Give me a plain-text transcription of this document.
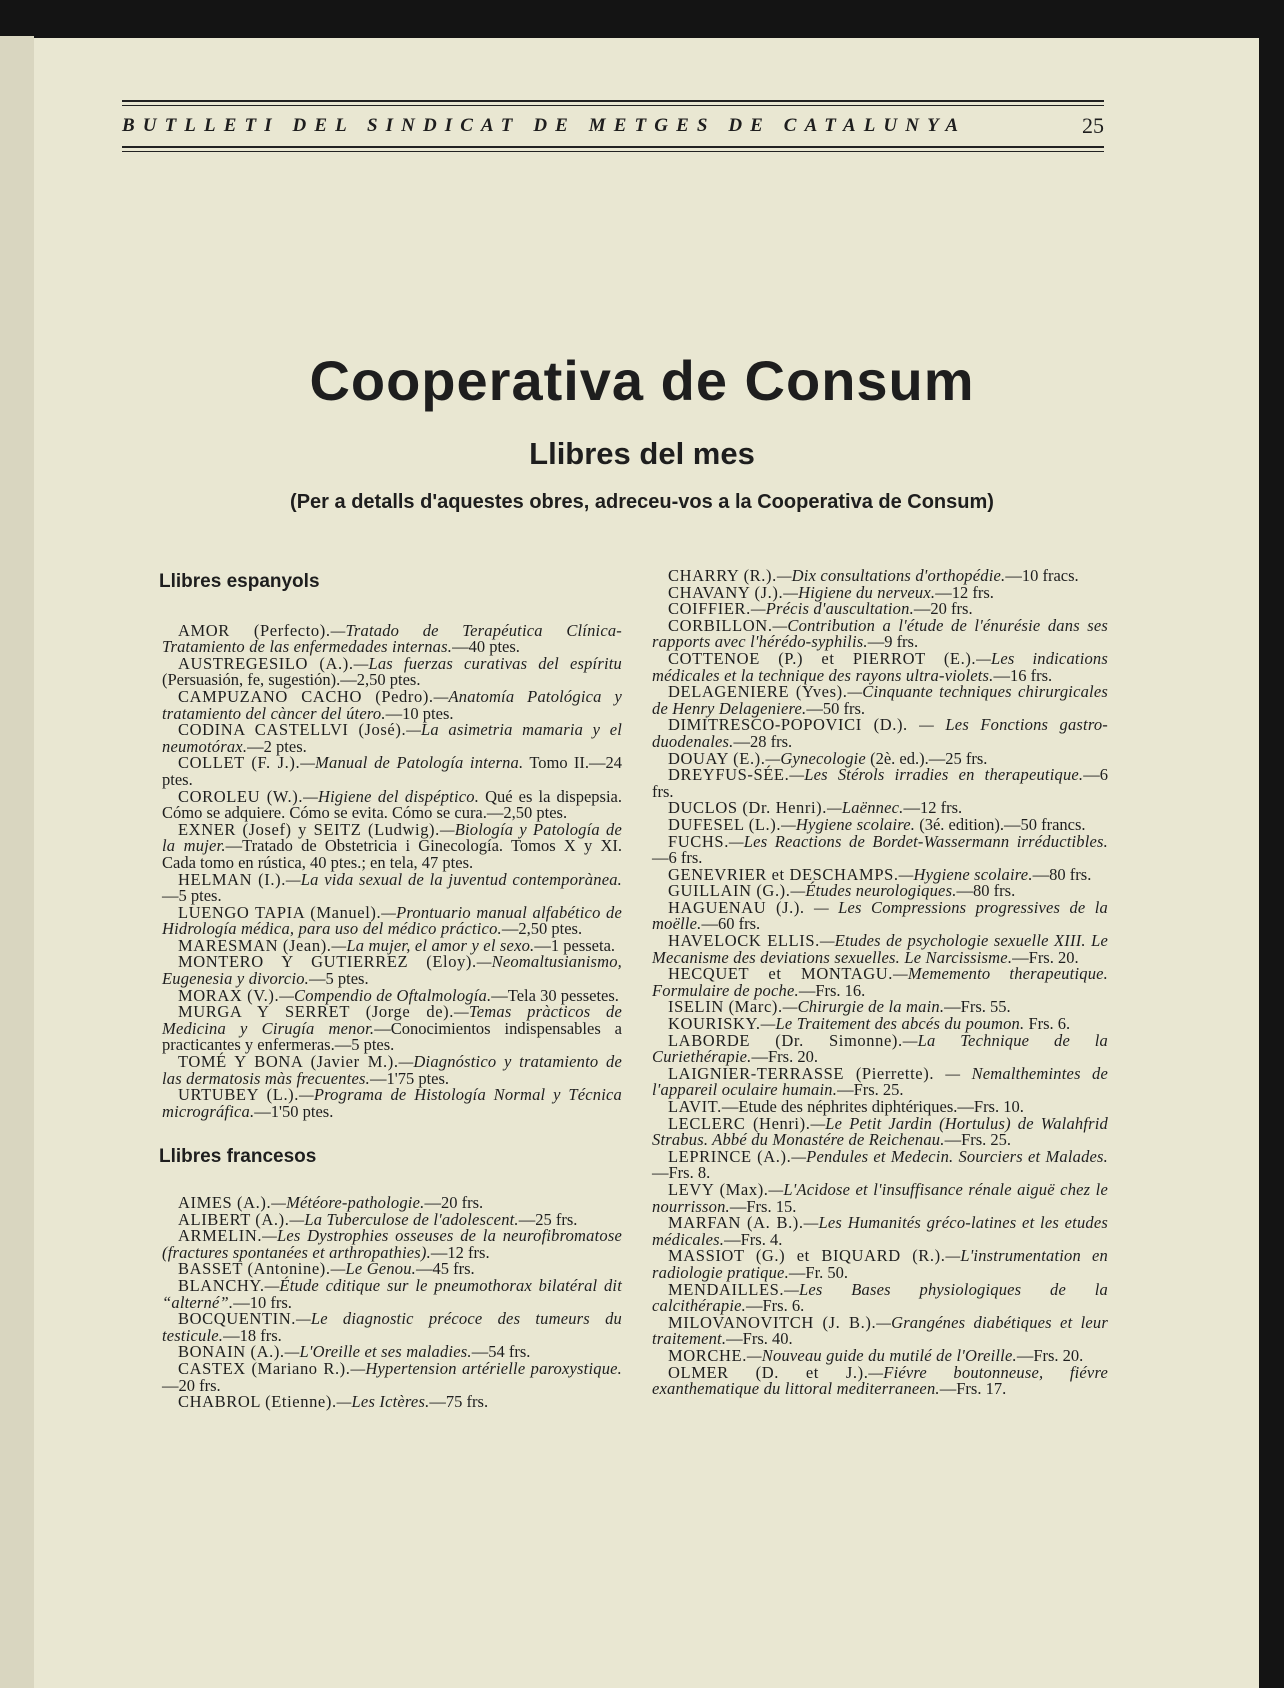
BUTLLETI DEL SINDICAT DE METGES DE CATALUNYA	25
Cooperativa de Consum
Llibres del mes
(Per a detalls d'aquestes obres, adreceu-vos a la Cooperativa de Consum)
Llibres espanyols

AMOR (Perfecto).—Tratado de Terapéutica Clínica-Tratamiento de las enfermedades internas.—40 ptes.

AUSTREGESILO (A.).—Las fuerzas curativas del espíritu (Persuasión, fe, sugestión).—2,50 ptes.

CAMPUZANO CACHO (Pedro).—Anatomía Patológica y tratamiento del càncer del útero.—10 ptes.

CODINA CASTELLVI (José).—La asimetria mamaria y el neumotórax.—2 ptes.

COLLET (F. J.).—Manual de Patología interna. Tomo II.—24 ptes.

COROLEU (W.).—Higiene del dispéptico. Qué es la dispepsia. Cómo se adquiere. Cómo se evita. Cómo se cura.—2,50 ptes.

EXNER (Josef) y SEITZ (Ludwig).—Biología y Patología de la mujer.—Tratado de Obstetricia i Ginecología. Tomos X y XI. Cada tomo en rústica, 40 ptes.; en tela, 47 ptes.

HELMAN (I.).—La vida sexual de la juventud contemporànea.—5 ptes.

LUENGO TAPIA (Manuel).—Prontuario manual alfabético de Hidrología médica, para uso del médico práctico.—2,50 ptes.

MARESMAN (Jean).—La mujer, el amor y el sexo.—1 pesseta.

MONTERO Y GUTIERREZ (Eloy).—Neomaltusianismo, Eugenesia y divorcio.—5 ptes.

MORAX (V.).—Compendio de Oftalmología.—Tela 30 pessetes.

MURGA Y SERRET (Jorge de).—Temas pràcticos de Medicina y Cirugía menor.—Conocimientos indispensables a practicantes y enfermeras.—5 ptes.

TOMÉ Y BONA (Javier M.).—Diagnóstico y tratamiento de las dermatosis màs frecuentes.—1'75 ptes.

URTUBEY (L.).—Programa de Histología Normal y Técnica micrográfica.—1'50 ptes.

Llibres francesos

AIMES (A.).—Météore-pathologie.—20 frs.

ALIBERT (A.).—La Tuberculose de l'adolescent.—25 frs.

ARMELIN.—Les Dystrophies osseuses de la neurofibromatose (fractures spontanées et arthropathies).—12 frs.

BASSET (Antonine).—Le Genou.—45 frs.

BLANCHY.—Étude cditique sur le pneumothorax bilatéral dit “alterné”.—10 frs.

BOCQUENTIN.—Le diagnostic précoce des tumeurs du testicule.—18 frs.

BONAIN (A.).—L'Oreille et ses maladies.—54 frs.

CASTEX (Mariano R.).—Hypertension artérielle paroxystique.—20 frs.

CHABROL (Etienne).—Les Ictères.—75 frs.

CHARRY (R.).—Dix consultations d'orthopédie.—10 fracs.

CHAVANY (J.).—Higiene du nerveux.—12 frs.

COIFFIER.—Précis d'auscultation.—20 frs.

CORBILLON.—Contribution a l'étude de l'énurésie dans ses rapports avec l'hérédo-syphilis.—9 frs.

COTTENOE (P.) et PIERROT (E.).—Les indications médicales et la technique des rayons ultra-violets.—16 frs.

DELAGENIERE (Yves).—Cinquante techniques chirurgicales de Henry Delageniere.—50 frs.

DIMITRESCO-POPOVICI (D.). — Les Fonctions gastro-duodenales.—28 frs.

DOUAY (E.).—Gynecologie (2è. ed.).—25 frs.

DREYFUS-SÉE.—Les Stérols irradies en therapeutique.—6 frs.

DUCLOS (Dr. Henri).—Laënnec.—12 frs.

DUFESEL (L.).—Hygiene scolaire. (3é. edition).—50 francs.

FUCHS.—Les Reactions de Bordet-Wassermann irréductibles.—6 frs.

GENEVRIER et DESCHAMPS.—Hygiene scolaire.—80 frs.

GUILLAIN (G.).—Études neurologiques.—80 frs.

HAGUENAU (J.). — Les Compressions progressives de la moëlle.—60 frs.

HAVELOCK ELLIS.—Etudes de psychologie sexuelle XIII. Le Mecanisme des deviations sexuelles. Le Narcissisme.—Frs. 20.

HECQUET et MONTAGU.—Mememento therapeutique. Formulaire de poche.—Frs. 16.

ISELIN (Marc).—Chirurgie de la main.—Frs. 55.

KOURISKY.—Le Traitement des abcés du poumon. Frs. 6.

LABORDE (Dr. Simonne).—La Technique de la Curiethérapie.—Frs. 20.

LAIGNIER-TERRASSE (Pierrette). — Nemalthemintes de l'appareil oculaire humain.—Frs. 25.

LAVIT.—Etude des néphrites diphtériques.—Frs. 10.

LECLERC (Henri).—Le Petit Jardin (Hortulus) de Walahfrid Strabus. Abbé du Monastére de Reichenau.—Frs. 25.

LEPRINCE (A.).—Pendules et Medecin. Sourciers et Malades.—Frs. 8.

LEVY (Max).—L'Acidose et l'insuffisance rénale aiguë chez le nourrisson.—Frs. 15.

MARFAN (A. B.).—Les Humanités gréco-latines et les etudes médicales.—Frs. 4.

MASSIOT (G.) et BIQUARD (R.).—L'instrumentation en radiologie pratique.—Fr. 50.

MENDAILLES.—Les Bases physiologiques de la calcithérapie.—Frs. 6.

MILOVANOVITCH (J. B.).—Grangénes diabétiques et leur traitement.—Frs. 40.

MORCHE.—Nouveau guide du mutilé de l'Oreille.—Frs. 20.

OLMER (D. et J.).—Fiévre boutonneuse, fiévre exanthematique du littoral mediterraneen.—Frs. 17.
